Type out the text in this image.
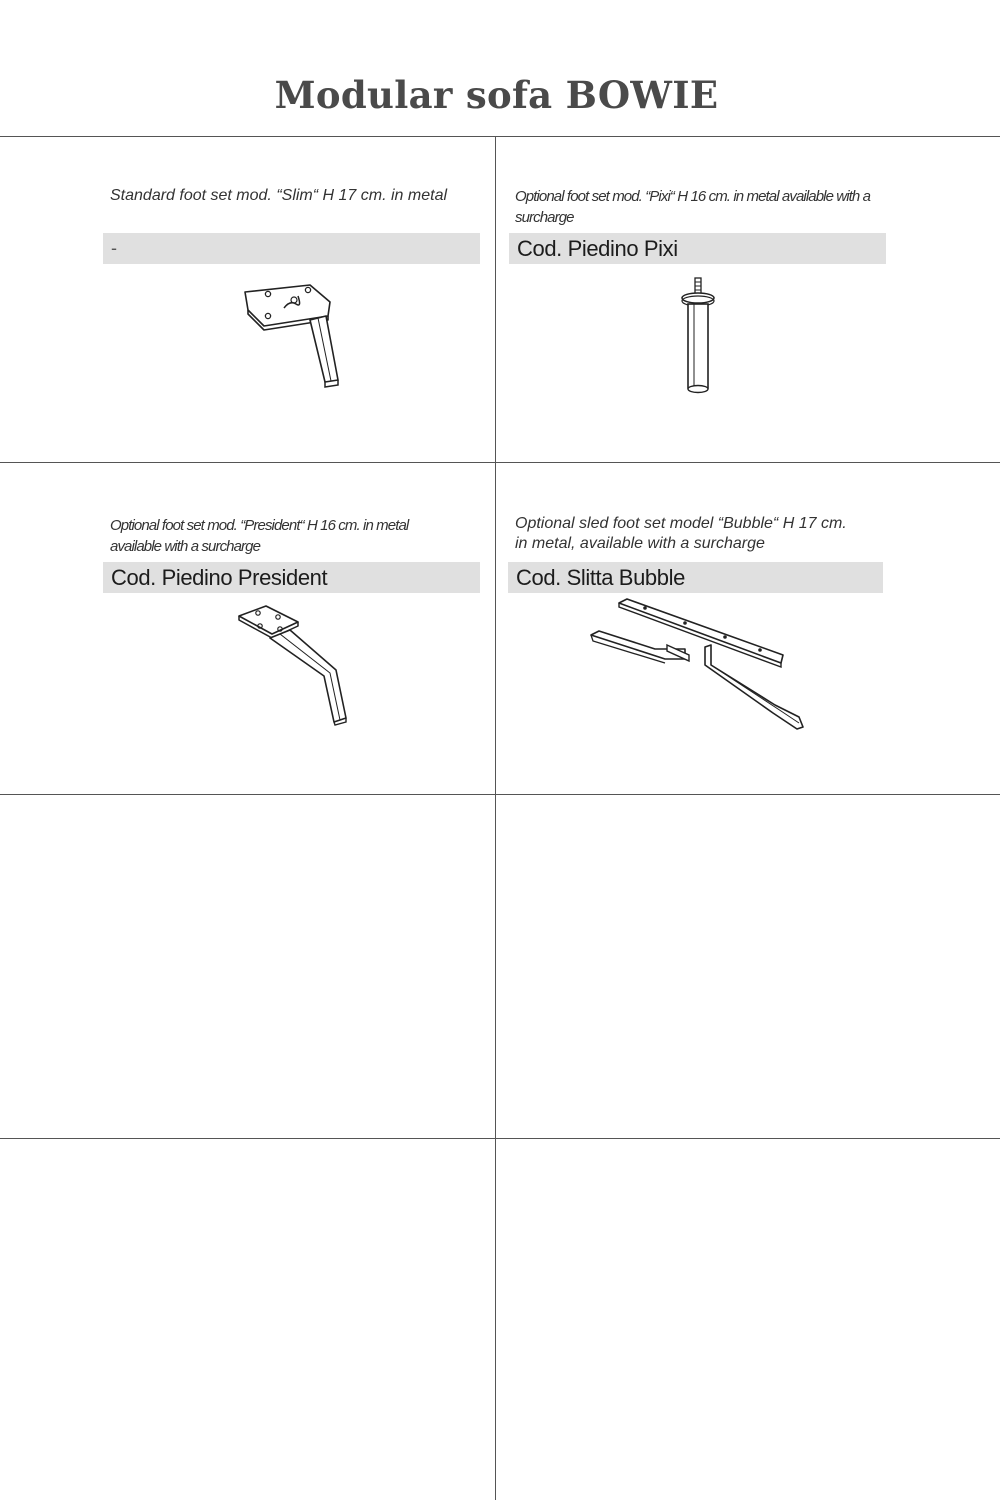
Modular sofa BOWIE
Standard foot set mod. “Slim“ H 17 cm. in metal
-
Optional foot set mod. “Pixi“ H 16 cm. in metal available with a surcharge
Cod. Piedino Pixi
Optional foot set mod. “President“ H 16 cm. in metal available with a surcharge
Cod. Piedino President
Optional sled foot set model “Bubble“ H 17 cm. in metal, available with a surcharge
Cod. Slitta Bubble
